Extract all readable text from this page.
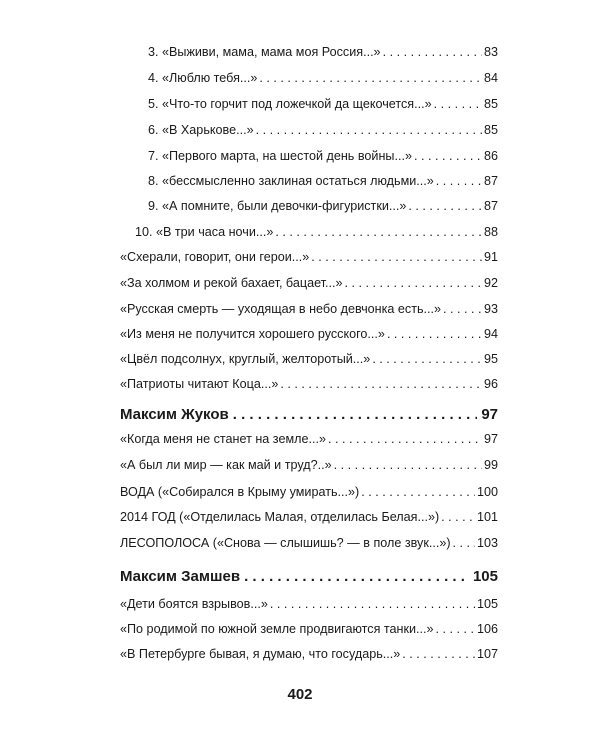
3. «Выживи, мама, мама моя Россия...» . . .	83
4. «Люблю тебя...» . . .	84
5. «Что-то горчит под ложечкой да щекочется...» . . .	85
6. «В Харькове...» . . .	85
7. «Первого марта, на шестой день войны...» . . .	86
8. «бессмысленно заклиная остаться людьми...» . . .	87
9. «А помните, были девочки-фигуристки...» . . .	87
10. «В три часа ночи...» . . .	88
«Схерали, говорит, они герои...» . . .	91
«За холмом и рекой бахает, бацает...» . . .	92
«Русская смерть — уходящая в небо девчонка есть...» . . .	93
«Из меня не получится хорошего русского...» . . .	94
«Цвёл подсолнух, круглый, желторотый...» . . .	95
«Патриоты читают Коца...» . . .	96
Максим Жуков . . .	97
«Когда меня не станет на земле...» . . .	97
«А был ли мир — как май и труд?..» . . .	99
ВОДА («Собирался в Крыму умирать...») . . .	100
2014 ГОД («Отделилась Малая, отделилась Белая...») . . .	101
ЛЕСОПОЛОСА («Снова — слышишь? — в поле звук...») . . . 103
Максим Замшев . . .	105
«Дети боятся взрывов...» . . .	105
«По родимой по южной земле продвигаются танки...» . . .	106
«В Петербурге бывая, я думаю, что государь...» . . .	107
402
